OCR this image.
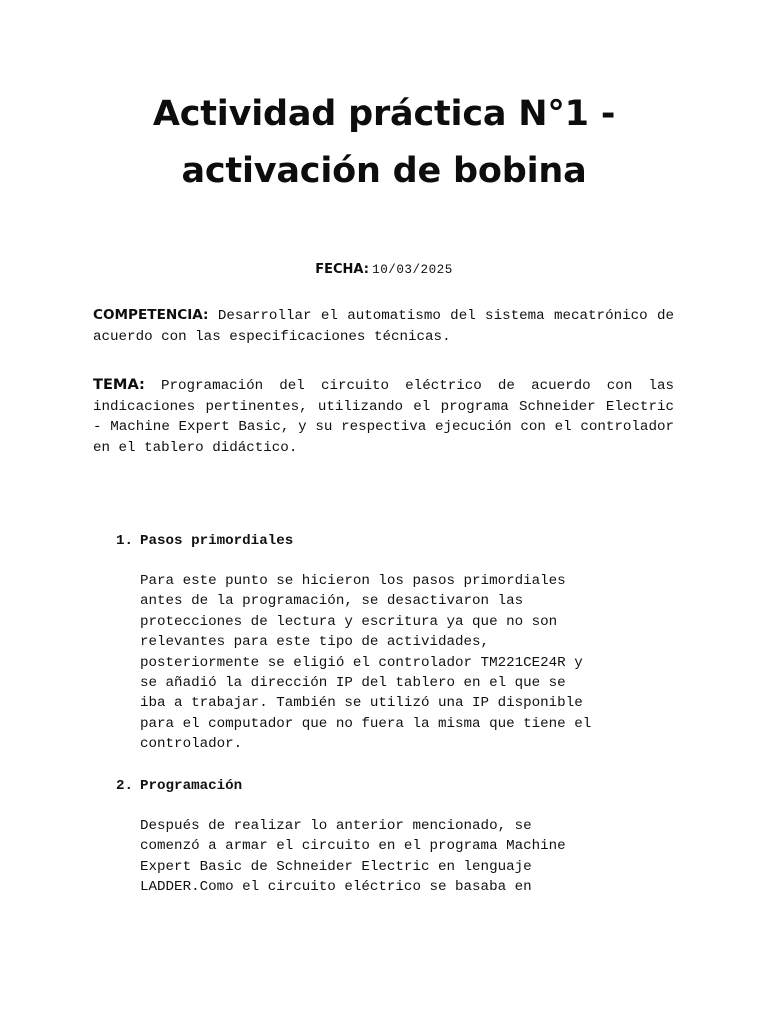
Actividad práctica N°1 -
activación de bobina
FECHA: 10/03/2025
COMPETENCIA: Desarrollar el automatismo del sistema mecatrónico de acuerdo con las especificaciones técnicas.
TEMA: Programación del circuito eléctrico de acuerdo con las indicaciones pertinentes, utilizando el programa Schneider Electric - Machine Expert Basic, y su respectiva ejecución con el controlador en el tablero didáctico.
1. Pasos primordiales
Para este punto se hicieron los pasos primordiales
antes de la programación, se desactivaron las
protecciones de lectura y escritura ya que no son
relevantes para este tipo de actividades,
posteriormente se eligió el controlador TM221CE24R y
se añadió la dirección IP del tablero en el que se
iba a trabajar. También se utilizó una IP disponible
para el computador que no fuera la misma que tiene el
controlador.
2. Programación
Después de realizar lo anterior mencionado, se
comenzó a armar el circuito en el programa Machine
Expert Basic de Schneider Electric en lenguaje
LADDER.Como el circuito eléctrico se basaba en
